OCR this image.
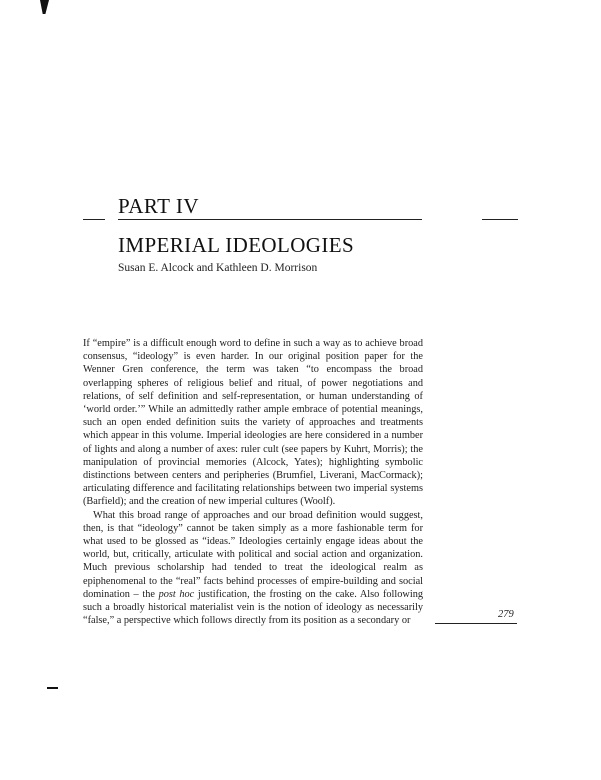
PART IV
IMPERIAL IDEOLOGIES
Susan E. Alcock and Kathleen D. Morrison

If “empire” is a difficult enough word to define in such a way as to achieve broad consensus, “ideology” is even harder. In our original position paper for the Wenner Gren conference, the term was taken “to encompass the broad overlapping spheres of religious belief and ritual, of power negotiations and relations, of self definition and self-representation, or human understanding of ‘world order.’” While an admittedly rather ample embrace of potential meanings, such an open ended definition suits the variety of approaches and treatments which appear in this volume. Imperial ideologies are here considered in a number of lights and along a number of axes: ruler cult (see papers by Kuhrt, Morris); the manipulation of provincial memories (Alcock, Yates); highlighting symbolic distinctions between centers and peripheries (Brumfiel, Liverani, MacCormack); articulating difference and facilitating relationships between two imperial systems (Barfield); and the creation of new imperial cultures (Woolf).

What this broad range of approaches and our broad definition would suggest, then, is that “ideology” cannot be taken simply as a more fashionable term for what used to be glossed as “ideas.” Ideologies certainly engage ideas about the world, but, critically, articulate with political and social action and organization. Much previous scholarship had tended to treat the ideological realm as epiphenomenal to the “real” facts behind processes of empire-building and social domination – the post hoc justification, the frosting on the cake. Also following such a broadly historical materialist vein is the notion of ideology as necessarily “false,” a perspective which follows directly from its position as a secondary or

279
